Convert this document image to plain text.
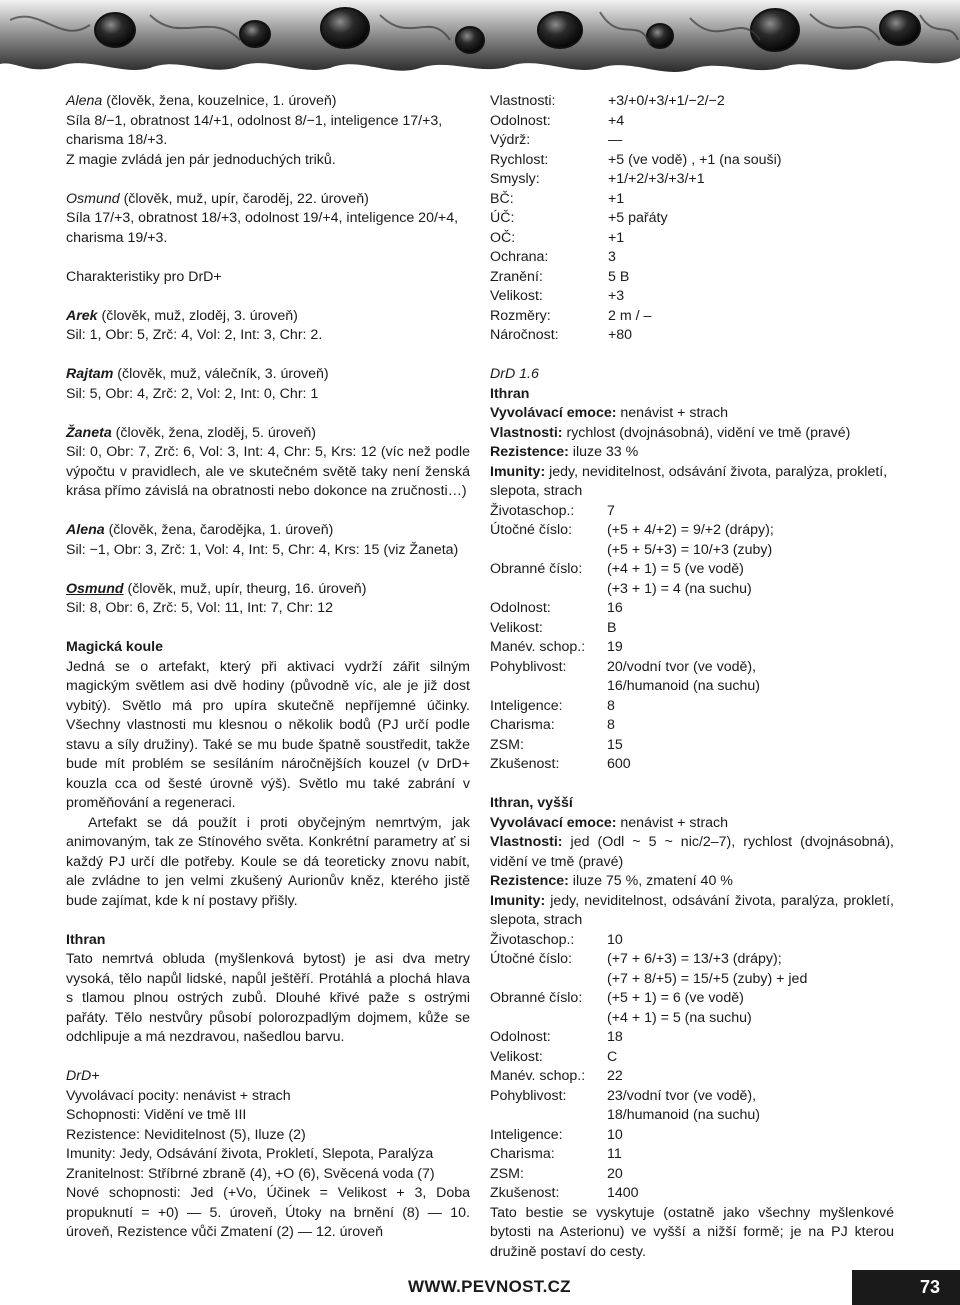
Alena (člověk, žena, kouzelnice, 1. úroveň)

Síla 8/−1, obratnost 14/+1, odolnost 8/−1, inteligence 17/+3, charisma 18/+3.

Z magie zvládá jen pár jednoduchých triků.

Osmund (člověk, muž, upír, čaroděj, 22. úroveň)

Síla 17/+3, obratnost 18/+3, odolnost 19/+4, inteligence 20/+4, charisma 19/+3.

Charakteristiky pro DrD+

Arek (člověk, muž, zloděj, 3. úroveň)

Sil: 1, Obr: 5, Zrč: 4, Vol: 2, Int: 3, Chr: 2.

Rajtam (člověk, muž, válečník, 3. úroveň)

Sil: 5, Obr: 4, Zrč: 2, Vol: 2, Int: 0, Chr: 1

Žaneta (člověk, žena, zloděj, 5. úroveň)

Sil: 0, Obr: 7, Zrč: 6, Vol: 3, Int: 4, Chr: 5, Krs: 12 (víc než podle výpočtu v pravidlech, ale ve skutečném světě taky není ženská krása přímo závislá na obratnosti nebo dokonce na zručnosti…)

Alena (člověk, žena, čarodějka, 1. úroveň)

Sil: −1, Obr: 3, Zrč: 1, Vol: 4, Int: 5, Chr: 4, Krs: 15 (viz Žaneta)

Osmund (člověk, muž, upír, theurg, 16. úroveň)

Sil: 8, Obr: 6, Zrč: 5, Vol: 11, Int: 7, Chr: 12

Magická koule

Jedná se o artefakt, který při aktivaci vydrží zářit silným magickým světlem asi dvě hodiny (původně víc, ale je již dost vybitý). Světlo má pro upíra skutečně nepříjemné účinky. Všechny vlastnosti mu klesnou o několik bodů (PJ určí podle stavu a síly družiny). Také se mu bude špatně soustředit, takže bude mít problém se sesíláním náročnějších kouzel (v DrD+ kouzla cca od šesté úrovně výš). Světlo mu také zabrání v proměňování a regeneraci.

Artefakt se dá použít i proti obyčejným nemrtvým, jak animovaným, tak ze Stínového světa. Konkrétní parametry ať si každý PJ určí dle potřeby. Koule se dá teoreticky znovu nabít, ale zvládne to jen velmi zkušený Aurionův kněz, kterého jistě bude zajímat, kde k ní postavy přišly.

Ithran

Tato nemrtvá obluda (myšlenková bytost) je asi dva metry vysoká, tělo napůl lidské, napůl ještěří. Protáhlá a plochá hlava s tlamou plnou ostrých zubů. Dlouhé křivé paže s ostrými pařáty. Tělo nestvůry působí polorozpadlým dojmem, kůže se odchlipuje a má nezdravou, našedlou barvu.

DrD+

Vyvolávací pocity: nenávist + strach

Schopnosti: Vidění ve tmě III

Rezistence: Neviditelnost (5), Iluze (2)

Imunity: Jedy, Odsávání života, Prokletí, Slepota, Paralýza

Zranitelnost: Stříbrné zbraně (4), +O (6), Svěcená voda (7)

Nové schopnosti: Jed (+Vo, Účinek = Velikost + 3, Doba propuknutí = +0) — 5. úroveň, Útoky na brnění (8) — 10. úroveň, Rezistence vůči Zmatení (2) — 12. úroveň

Vlastnosti:	+3/+0/+3/+1/−2/−2
Odolnost:	+4
Výdrž:	—
Rychlost:	+5 (ve vodě) , +1 (na souši)
Smysly:	+1/+2/+3/+3/+1
BČ:	+1
ÚČ:	+5 pařáty
OČ:	+1
Ochrana:	3
Zranění:	5 B
Velikost:	+3
Rozměry:	2 m / –
Náročnost:	+80

DrD 1.6

Ithran

Vyvolávací emoce: nenávist + strach

Vlastnosti: rychlost (dvojnásobná), vidění ve tmě (pravé)

Rezistence: iluze 33 %

Imunity: jedy, neviditelnost, odsávání života, paralýza, prokletí, slepota, strach

Životaschop.:	7
Útočné číslo:	(+5 + 4/+2) = 9/+2 (drápy);
(+5 + 5/+3) = 10/+3 (zuby)
Obranné číslo:	(+4 + 1) = 5 (ve vodě)
(+3 + 1) = 4 (na suchu)
Odolnost:	16
Velikost:	B
Manév. schop.:	19
Pohyblivost:	20/vodní tvor (ve vodě),
16/humanoid (na suchu)
Inteligence:	8
Charisma:	8
ZSM:	15
Zkušenost:	600

Ithran, vyšší

Vyvolávací emoce: nenávist + strach

Vlastnosti: jed (Odl ~ 5 ~ nic/2–7), rychlost (dvojnásobná), vidění ve tmě (pravé)

Rezistence: iluze 75 %, zmatení 40 %

Imunity: jedy, neviditelnost, odsávání života, paralýza, prokletí, slepota, strach

Životaschop.:	10
Útočné číslo:	(+7 + 6/+3) = 13/+3 (drápy);
(+7 + 8/+5) = 15/+5 (zuby) + jed
Obranné číslo:	(+5 + 1) = 6 (ve vodě)
(+4 + 1) = 5 (na suchu)
Odolnost:	18
Velikost:	C
Manév. schop.:	22
Pohyblivost:	23/vodní tvor (ve vodě),
18/humanoid (na suchu)
Inteligence:	10
Charisma:	11
ZSM:	20
Zkušenost:	1400

Tato bestie se vyskytuje (ostatně jako všechny myšlenkové bytosti na Asterionu) ve vyšší a nižší formě; je na PJ kterou družině postaví do cesty.

WWW.PEVNOST.CZ	73
